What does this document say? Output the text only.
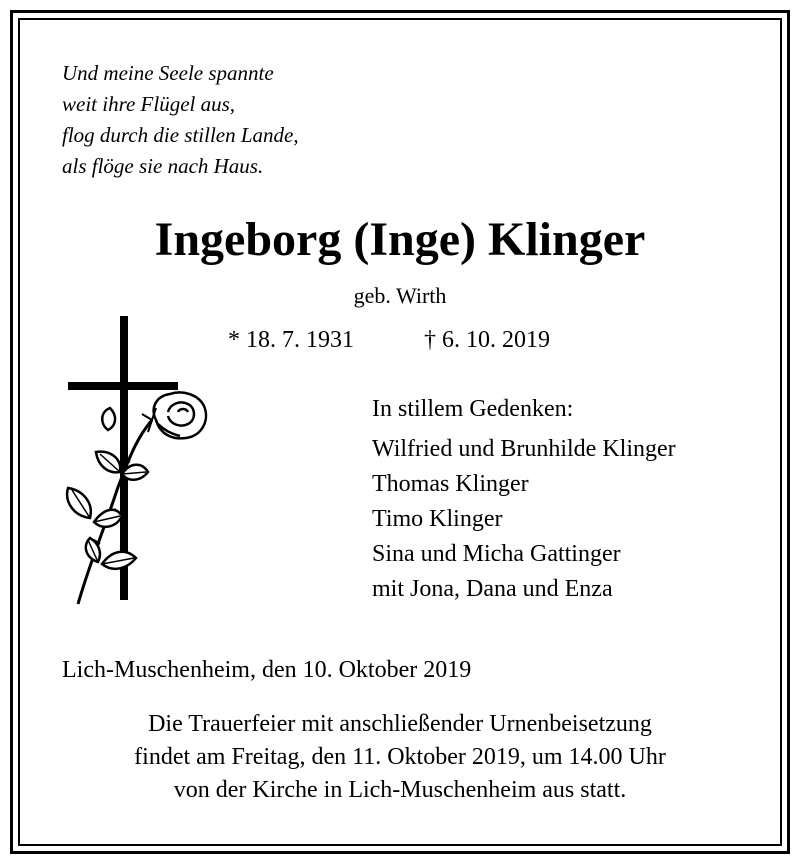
Und meine Seele spannte
weit ihre Flügel aus,
flog durch die stillen Lande,
als flöge sie nach Haus.
Ingeborg (Inge) Klinger
geb. Wirth
* 18. 7. 1931	† 6. 10. 2019
In stillem Gedenken:
Wilfried und Brunhilde Klinger
Thomas Klinger
Timo Klinger
Sina und Micha Gattinger
mit Jona, Dana und Enza
Lich-Muschenheim, den 10. Oktober 2019
Die Trauerfeier mit anschließender Urnenbeisetzung
findet am Freitag, den 11. Oktober 2019, um 14.00 Uhr
von der Kirche in Lich-Muschenheim aus statt.
